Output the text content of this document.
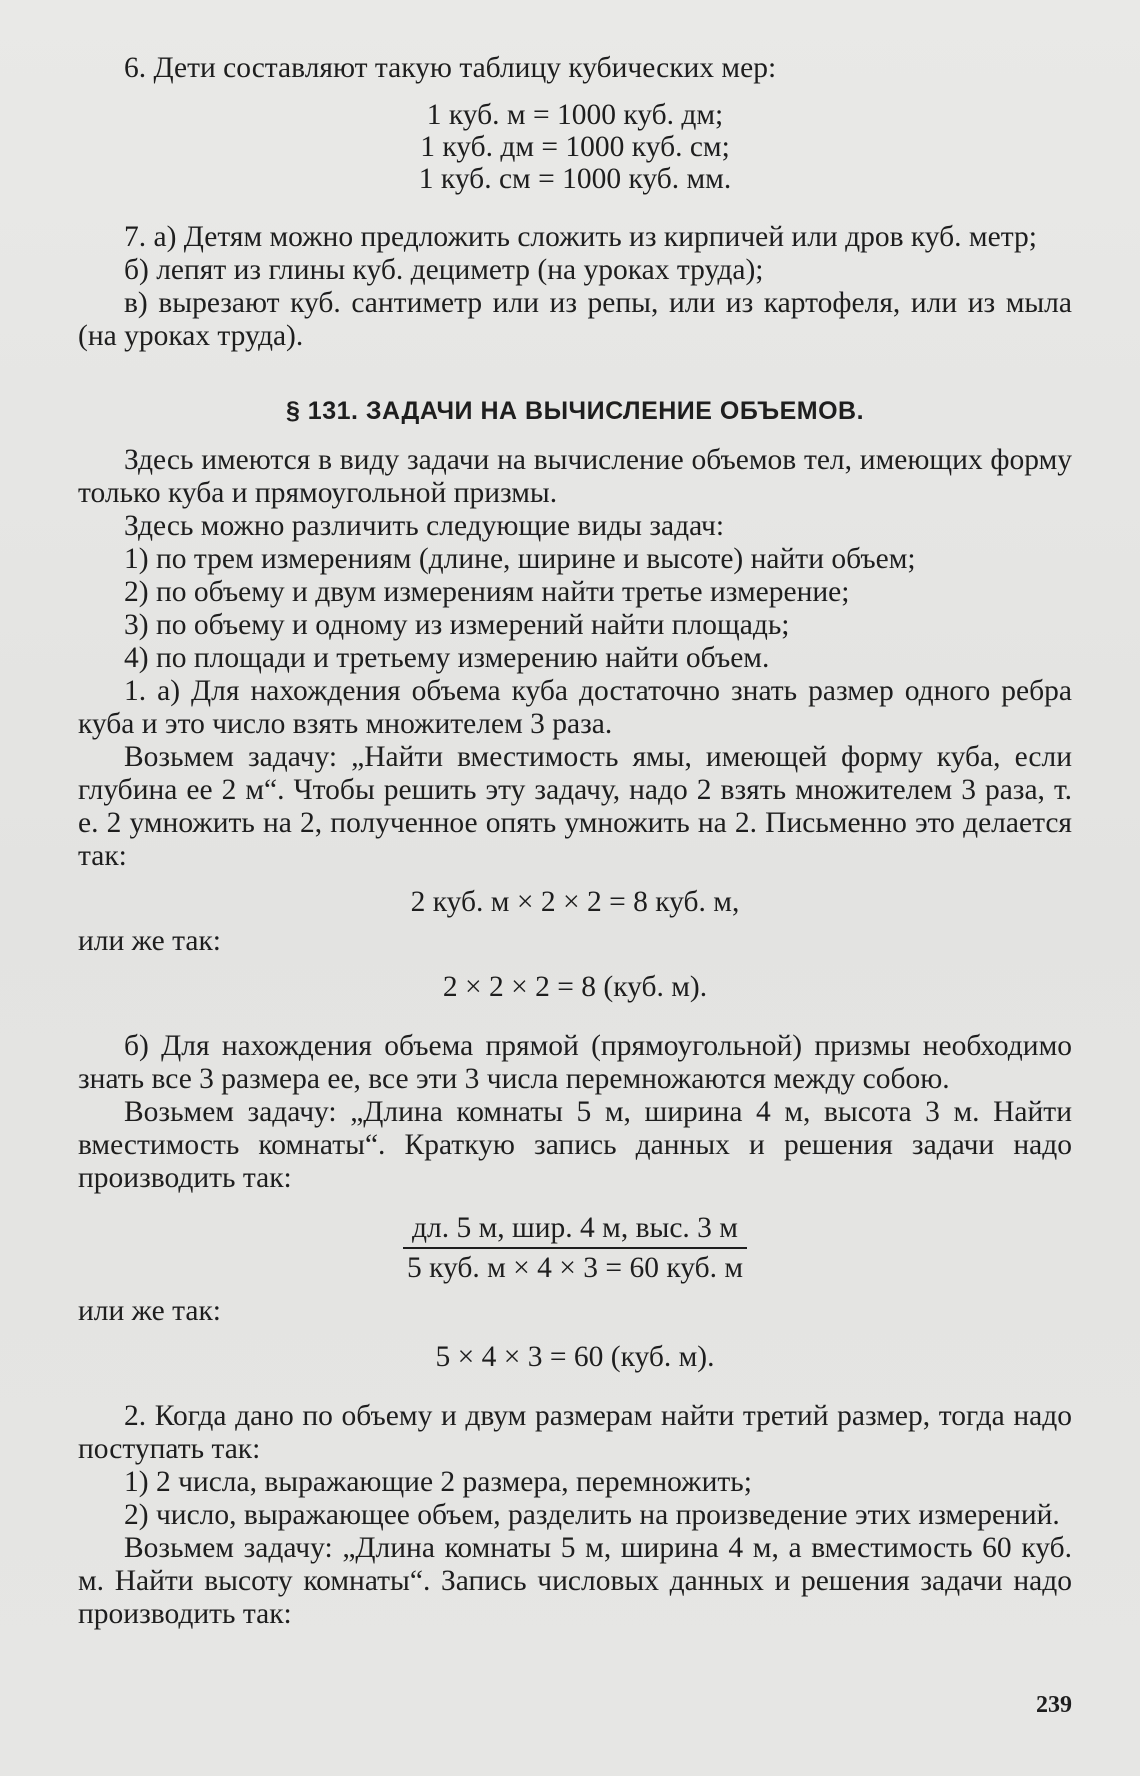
6. Дети составляют такую таблицу кубических мер:

1 куб. м = 1000 куб. дм;
1 куб. дм = 1000 куб. см;
1 куб. см = 1000 куб. мм.

7. а) Детям можно предложить сложить из кирпичей или дров куб. метр;

б) лепят из глины куб. дециметр (на уроках труда);

в) вырезают куб. сантиметр или из репы, или из картофеля, или из мыла (на уроках труда).

§ 131. ЗАДАЧИ НА ВЫЧИСЛЕНИЕ ОБЪЕМОВ.

Здесь имеются в виду задачи на вычисление объемов тел, имеющих форму только куба и прямоугольной призмы.

Здесь можно различить следующие виды задач:

1) по трем измерениям (длине, ширине и высоте) найти объем;

2) по объему и двум измерениям найти третье измерение;

3) по объему и одному из измерений найти площадь;

4) по площади и третьему измерению найти объем.

1. а) Для нахождения объема куба достаточно знать размер одного ребра куба и это число взять множителем 3 раза.

Возьмем задачу: „Найти вместимость ямы, имеющей форму куба, если глубина ее 2 м“. Чтобы решить эту задачу, надо 2 взять множителем 3 раза, т. е. 2 умножить на 2, полученное опять умножить на 2. Письменно это делается так:

2 куб. м × 2 × 2 = 8 куб. м,

или же так:

2 × 2 × 2 = 8 (куб. м).

б) Для нахождения объема прямой (прямоугольной) призмы необходимо знать все 3 размера ее, все эти 3 числа перемножаются между собою.

Возьмем задачу: „Длина комнаты 5 м, ширина 4 м, высота 3 м. Найти вместимость комнаты“. Краткую запись данных и решения задачи надо производить так:

дл. 5 м, шир. 4 м, выс. 3 м
5 куб. м × 4 × 3 = 60 куб. м

или же так:

5 × 4 × 3 = 60 (куб. м).

2. Когда дано по объему и двум размерам найти третий размер, тогда надо поступать так:

1) 2 числа, выражающие 2 размера, перемножить;

2) число, выражающее объем, разделить на произведение этих измерений.

Возьмем задачу: „Длина комнаты 5 м, ширина 4 м, а вместимость 60 куб. м. Найти высоту комнаты“. Запись числовых данных и решения задачи надо производить так:

239
